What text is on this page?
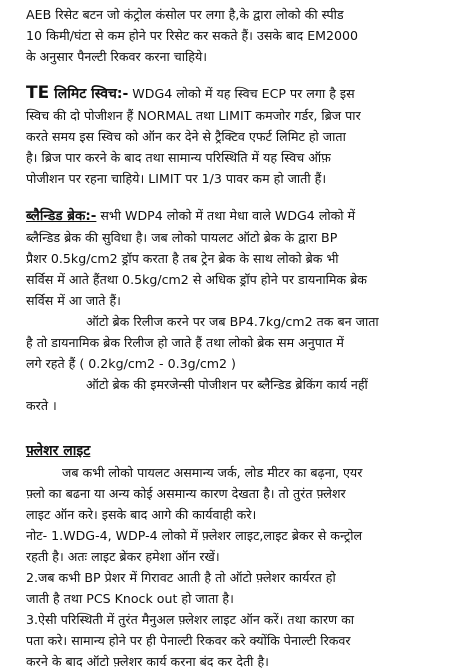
AEB रिसेट बटन जो कंट्रोल कंसोल पर लगा है,के द्वारा लोको की स्पीड
10 किमी/घंटा से कम होने पर रिसेट कर सकते हैं। उसके बाद EM2000
के अनुसार पैनल्टी रिकवर करना चाहिये।
TE लिमिट स्विच:- WDG4 लोको में यह स्विच ECP पर लगा है इस
स्विच की दो पोजीशन हैं NORMAL तथा LIMIT कमजोर गर्डर, ब्रिज पार
करते समय इस स्विच को ऑन कर देने से ट्रैक्टिव एफर्ट लिमिट हो जाता
है। ब्रिज पार करने के बाद तथा सामान्य परिस्थिति में यह स्विच ऑफ़
पोजीशन पर रहना चाहिये। LIMIT पर 1/3 पावर कम हो जाती हैं।
ब्लैन्डिड ब्रेक:- सभी WDP4 लोको में तथा मेधा वाले WDG4 लोको में
ब्लैन्डिड ब्रेक की सुविधा है। जब लोको पायलट ऑटो ब्रेक के द्वारा BP
प्रैशर 0.5kg/cm2 ड्रॉप करता है तब ट्रेन ब्रेक के साथ लोको ब्रेक भी
सर्विस में आते हैंतथा 0.5kg/cm2 से अधिक ड्रॉप होने पर डायनामिक ब्रेक
सर्विस में आ जाते हैं।
ऑटो ब्रेक रिलीज करने पर जब BP4.7kg/cm2 तक बन जाता
है तो डायनामिक ब्रेक रिलीज हो जाते हैं तथा लोको ब्रेक सम अनुपात में
लगे रहते हैं ( 0.2kg/cm2 - 0.3g/cm2 )
ऑटो ब्रेक की इमरजेन्सी पोजीशन पर ब्लैन्डिड ब्रेकिंग कार्य नहीं
करते ।
फ़्लेशर लाइट
जब कभी लोको पायलट असमान्य जर्क, लोड मीटर का बढ़ना, एयर
फ़्लो का बढना या अन्य कोई असमान्य कारण देखता है। तो तुरंत फ़्लेशर
लाइट ऑन करे। इसके बाद आगे की कार्यवाही करे।
नोट- 1.WDG-4, WDP-4 लोको में फ़्लेशर लाइट,लाइट ब्रेकर से कन्ट्रोल
रहती है। अतः लाइट ब्रेकर हमेशा ऑन रखें।
2.जब कभी BP प्रेशर में गिरावट आती है तो ऑटो फ़्लेशर कार्यरत हो
जाती है तथा PCS Knock out हो जाता है।
3.ऐसी परिस्थिती में तुरंत मैनुअल फ़्लेशर लाइट ऑन करें। तथा कारण का
पता करे। सामान्य होने पर ही पेनाल्टी रिकवर करे क्योंकि पेनाल्टी रिकवर
करने के बाद ऑटो फ़्लेशर कार्य करना बंद कर देती है।
